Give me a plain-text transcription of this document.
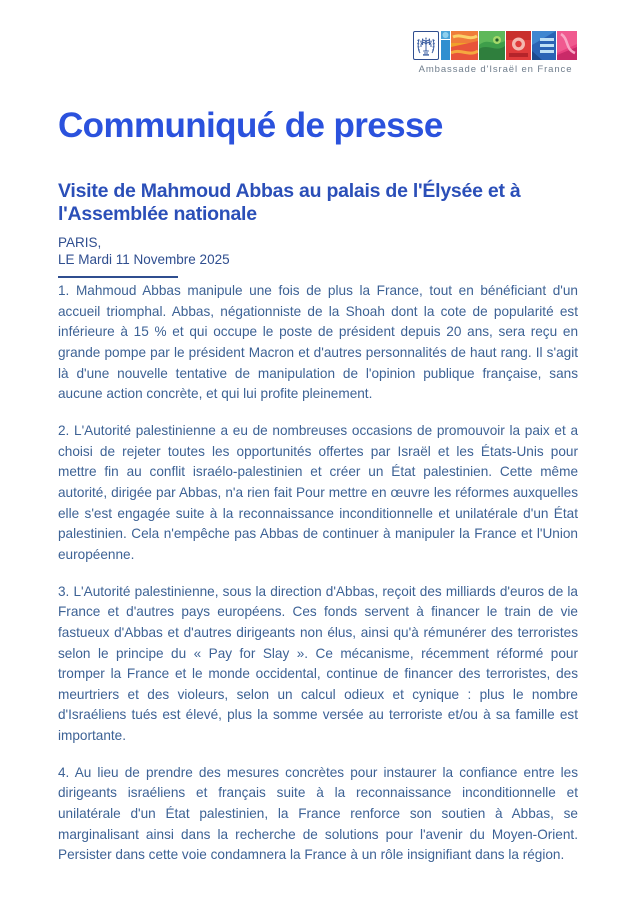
Ambassade d'Israël en France
Communiqué de presse
Visite de Mahmoud Abbas au palais de l'Élysée et à l'Assemblée nationale
PARIS,
LE Mardi 11 Novembre 2025

1. Mahmoud Abbas manipule une fois de plus la France, tout en bénéficiant d'un accueil triomphal. Abbas, négationniste de la Shoah dont la cote de popularité est inférieure à 15 % et qui occupe le poste de président depuis 20 ans, sera reçu en grande pompe par le président Macron et d'autres personnalités de haut rang. Il s'agit là d'une nouvelle tentative de manipulation de l'opinion publique française, sans aucune action concrète, et qui lui profite pleinement.

2. L'Autorité palestinienne a eu de nombreuses occasions de promouvoir la paix et a choisi de rejeter toutes les opportunités offertes par Israël et les États-Unis pour mettre fin au conflit israélo-palestinien et créer un État palestinien. Cette même autorité, dirigée par Abbas, n'a rien fait Pour mettre en œuvre les réformes auxquelles elle s'est engagée suite à la reconnaissance inconditionnelle et unilatérale d'un État palestinien. Cela n'empêche pas Abbas de continuer à manipuler la France et l'Union européenne.

3. L'Autorité palestinienne, sous la direction d'Abbas, reçoit des milliards d'euros de la France et d'autres pays européens. Ces fonds servent à financer le train de vie fastueux d'Abbas et d'autres dirigeants non élus, ainsi qu'à rémunérer des terroristes selon le principe du « Pay for Slay ». Ce mécanisme, récemment réformé pour tromper la France et le monde occidental, continue de financer des terroristes, des meurtriers et des violeurs, selon un calcul odieux et cynique : plus le nombre d'Israéliens tués est élevé, plus la somme versée au terroriste et/ou à sa famille est importante.

4. Au lieu de prendre des mesures concrètes pour instaurer la confiance entre les dirigeants israéliens et français suite à la reconnaissance inconditionnelle et unilatérale d'un État palestinien, la France renforce son soutien à Abbas, se marginalisant ainsi dans la recherche de solutions pour l'avenir du Moyen-Orient. Persister dans cette voie condamnera la France à un rôle insignifiant dans la région.
